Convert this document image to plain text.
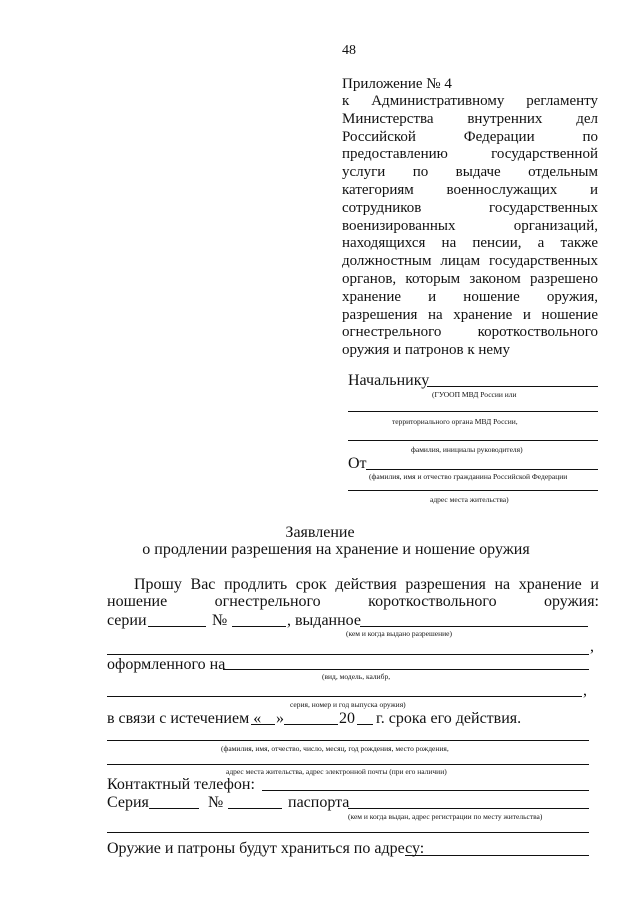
48
Приложение № 4
к Административному регламенту
Министерства внутренних дел
Российской Федерации по
предоставлению государственной
услуги по выдаче отдельным
категориям военнослужащих и
сотрудников государственных
военизированных организаций,
находящихся на пенсии, а также
должностным лицам государственных
органов, которым законом разрешено
хранение и ношение оружия,
разрешения на хранение и ношение
огнестрельного короткоствольного
оружия и патронов к нему
Начальнику
(ГУООП МВД России или
территориального органа МВД России,
фамилия, инициалы руководителя)
От
(фамилия, имя и отчество гражданина Российской Федерации
адрес места жительства)
Заявление
о продлении разрешения на хранение и ношение оружия
Прошу Вас продлить срок действия разрешения на хранение и
ношение	огнестрельного	короткоствольного	оружия:
серии	№	, выданное
(кем и когда выдано разрешение)
,
оформленного на
(вид, модель, калибр,
,
серия, номер и год выпуска оружия)
в связи с истечением « »	20 г. срока его действия.
(фамилия, имя, отчество, число, месяц, год рождения, место рождения,
адрес места жительства, адрес электронной почты (при его наличии)
Контактный телефон:
Серия	№	паспорта
(кем и когда выдан, адрес регистрации по месту жительства)
Оружие и патроны будут храниться по адресу:
